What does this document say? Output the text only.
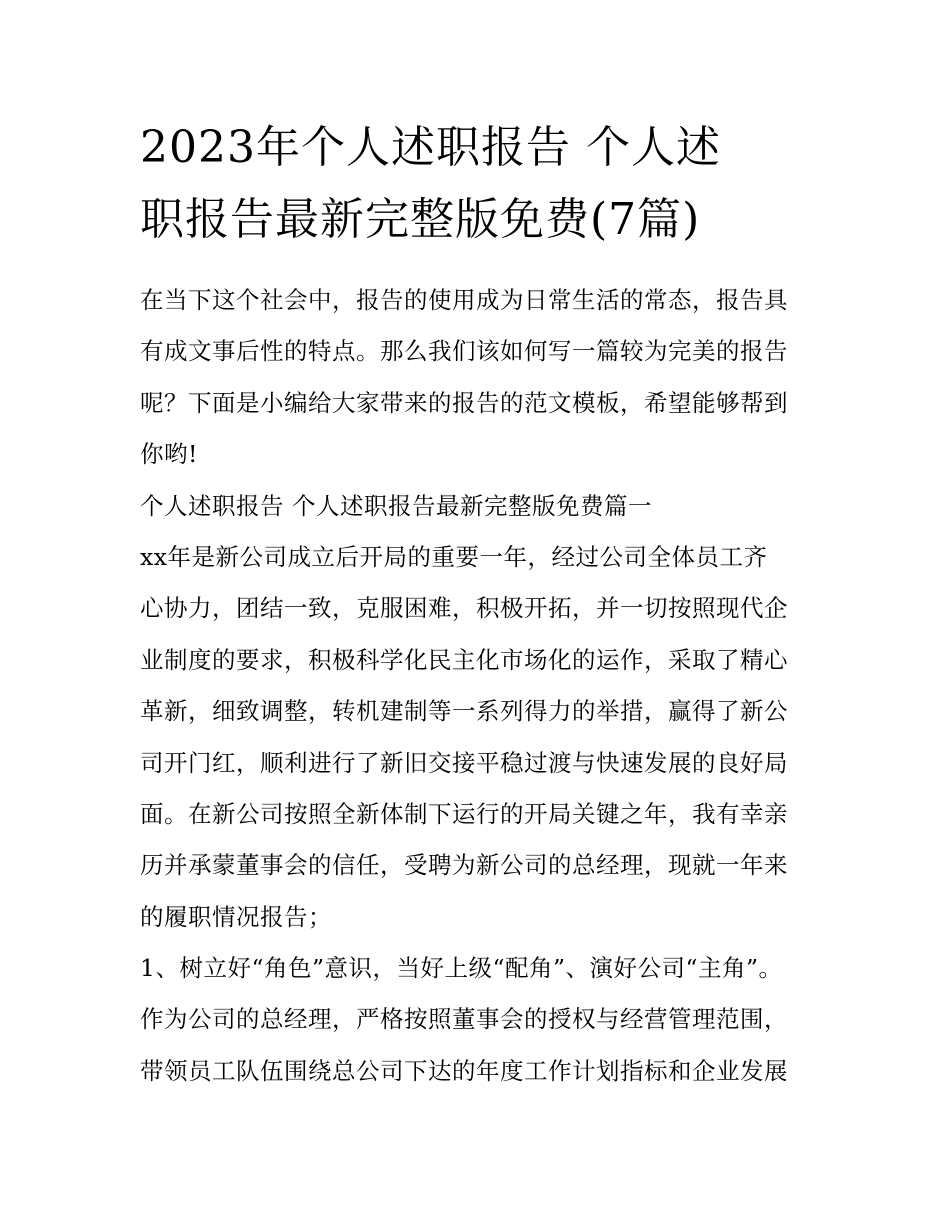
2023年个人述职报告 个人述
职报告最新完整版免费(7篇)
在当下这个社会中，报告的使用成为日常生活的常态，报告具
有成文事后性的特点。那么我们该如何写一篇较为完美的报告
呢？下面是小编给大家带来的报告的范文模板，希望能够帮到
你哟!
个人述职报告 个人述职报告最新完整版免费篇一
xx年是新公司成立后开局的重要一年，经过公司全体员工齐
心协力，团结一致，克服困难，积极开拓，并一切按照现代企
业制度的要求，积极科学化民主化市场化的运作，采取了精心
革新，细致调整，转机建制等一系列得力的举措，赢得了新公
司开门红，顺利进行了新旧交接平稳过渡与快速发展的良好局
面。在新公司按照全新体制下运行的开局关键之年，我有幸亲
历并承蒙董事会的信任，受聘为新公司的总经理，现就一年来
的履职情况报告；
1、树立好“角色”意识，当好上级“配角”、演好公司“主角”。
作为公司的总经理，严格按照董事会的授权与经营管理范围，
带领员工队伍围绕总公司下达的年度工作计划指标和企业发展
